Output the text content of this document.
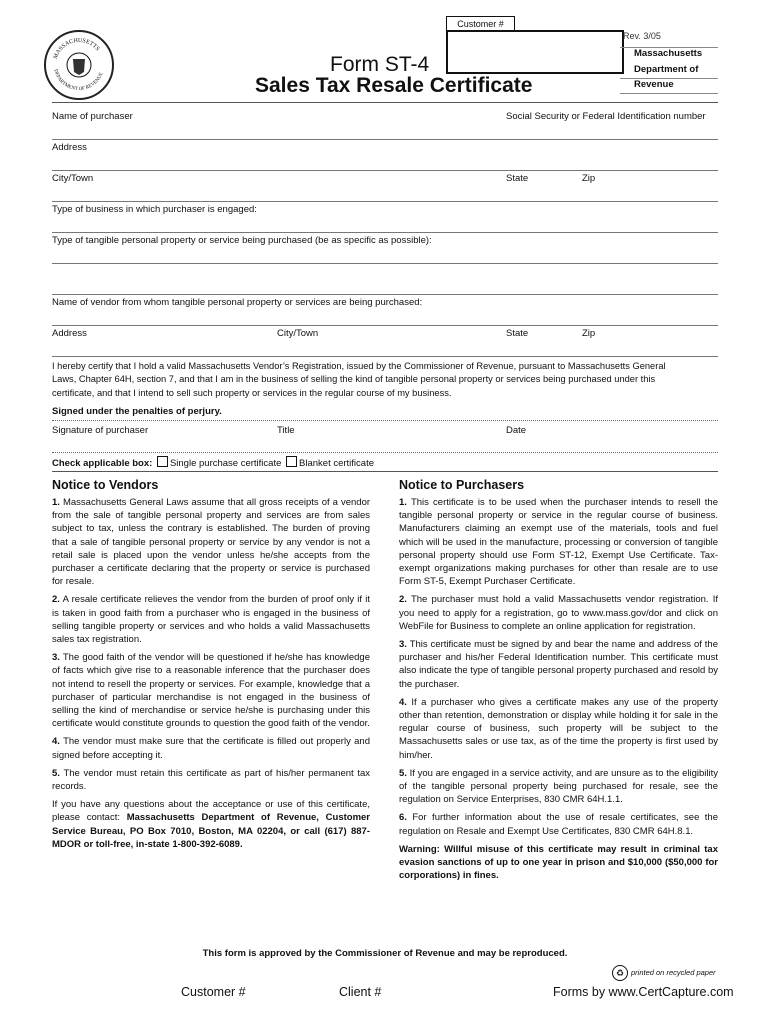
MASSACHUSETTS
DEPARTMENT OF REVENUE	Form ST-4
Sales Tax Resale Certificate
Customer #
Rev. 3/05
Massachusetts
Department of
Revenue
Name of purchaser	Social Security or Federal Identification number
Address
City/Town	State	Zip
Type of business in which purchaser is engaged:
Type of tangible personal property or service being purchased (be as specific as possible):
Name of vendor from whom tangible personal property or services are being purchased:
Address	City/Town	State	Zip
I hereby certify that I hold a valid Massachusetts Vendor’s Registration, issued by the Commissioner of Revenue, pursuant to Massachusetts General
Laws, Chapter 64H, section 7, and that I am in the business of selling the kind of tangible personal property or services being purchased under this
certificate, and that I intend to sell such property or services in the regular course of my business.
Signed under the penalties of perjury.
Signature of purchaser	Title	Date
Check applicable box: Single purchase certificate Blanket certificate
Notice to Vendors

1. Massachusetts General Laws assume that all gross receipts of a vendor from the sale of tangible personal property and services are from sales subject to tax, unless the contrary is established. The burden of proving that a sale of tangible personal property or service by any vendor is not a retail sale is placed upon the vendor unless he/she accepts from the purchaser a certificate declaring that the property or service is purchased for resale.

2. A resale certificate relieves the vendor from the burden of proof only if it is taken in good faith from a purchaser who is engaged in the business of selling tangible property or services and who holds a valid Massachusetts sales tax registration.

3. The good faith of the vendor will be questioned if he/she has knowledge of facts which give rise to a reasonable inference that the purchaser does not intend to resell the property or services. For example, knowledge that a purchaser of particular merchandise is not engaged in the business of selling the kind of merchandise or service he/she is purchasing under this certificate would constitute grounds to question the good faith of the vendor.

4. The vendor must make sure that the certificate is filled out properly and signed before accepting it.

5. The vendor must retain this certificate as part of his/her permanent tax records.

If you have any questions about the acceptance or use of this certificate, please contact: Massachusetts Department of Revenue, Customer Service Bureau, PO Box 7010, Boston, MA 02204, or call (617) 887-MDOR or toll-free, in-state 1-800-392-6089.

Notice to Purchasers

1. This certificate is to be used when the purchaser intends to resell the tangible personal property or service in the regular course of business. Manufacturers claiming an exempt use of the materials, tools and fuel which will be used in the manufacture, processing or conversion of tangible personal property should use Form ST-12, Exempt Use Certificate. Tax-exempt organizations making purchases for other than resale are to use Form ST-5, Exempt Purchaser Certificate.

2. The purchaser must hold a valid Massachusetts vendor registration. If you need to apply for a registration, go to www.mass.gov/dor and click on WebFile for Business to complete an online application for registration.

3. This certificate must be signed by and bear the name and address of the purchaser and his/her Federal Identification number. This certificate must also indicate the type of tangible personal property purchased and resold by the purchaser.

4. If a purchaser who gives a certificate makes any use of the property other than retention, demonstration or display while holding it for sale in the regular course of business, such property will be subject to the Massachusetts sales or use tax, as of the time the property is first used by him/her.

5. If you are engaged in a service activity, and are unsure as to the eligibility of the tangible personal property being purchased for resale, see the regulation on Service Enterprises, 830 CMR 64H.1.1.

6. For further information about the use of resale certificates, see the regulation on Resale and Exempt Use Certificates, 830 CMR 64H.8.1.

Warning: Willful misuse of this certificate may result in criminal tax evasion sanctions of up to one year in prison and $10,000 ($50,000 for corporations) in fines.

This form is approved by the Commissioner of Revenue and may be reproduced.
♻ printed on recycled paper
Customer #	Client #	Forms by www.CertCapture.com
